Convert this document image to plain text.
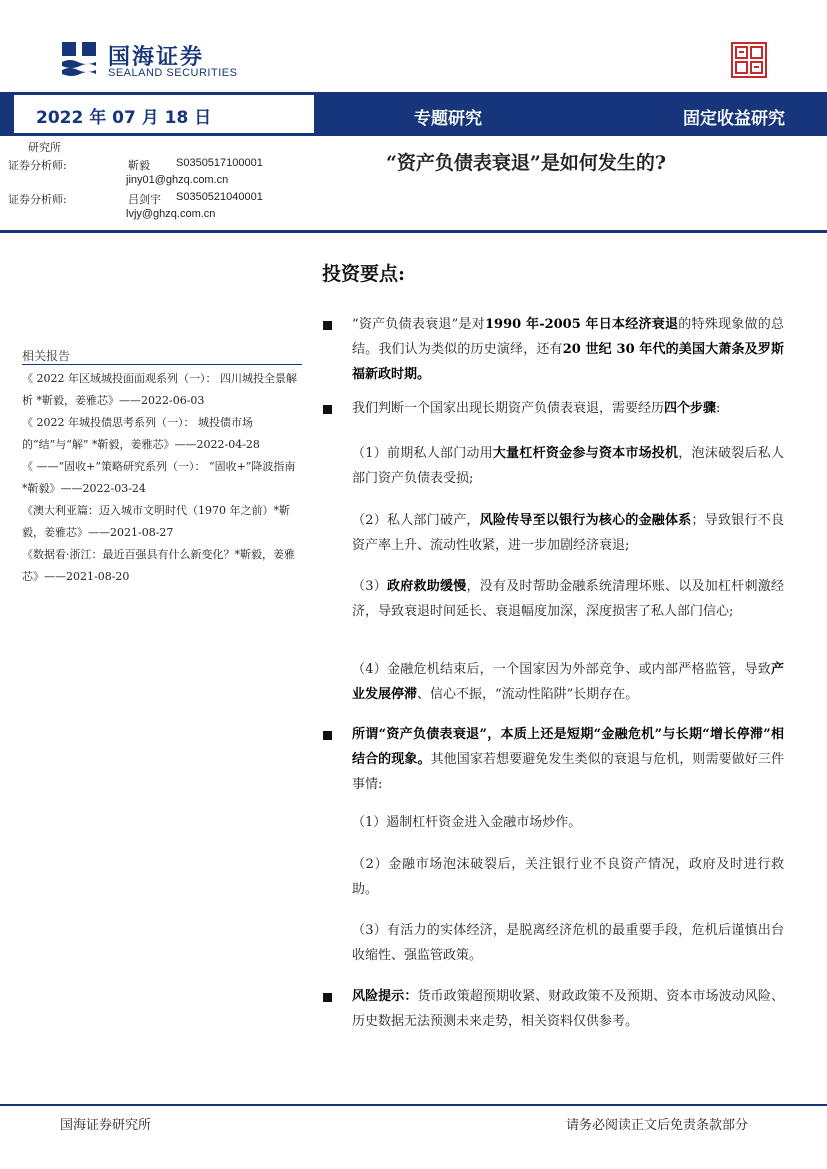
国海证券
SEALAND SECURITIES
2022 年 07 月 18 日	专题研究	固定收益研究
研究所
证券分析师:	靳毅 S0350517100001
jiny01@ghzq.com.cn
证券分析师:	吕剑宇 S0350521040001
lvjy@ghzq.com.cn
“资产负债表衰退”是如何发生的?
相关报告
《 2022 年区域城投面面观系列（一）： 四川城投全景解析 *靳毅，姜雅芯》——2022-06-03
《 2022 年城投债思考系列（一）： 城投债市场的“结”与“解” *靳毅，姜雅芯》——2022-04-28
《 ——“固收+”策略研究系列（一）： “固收+”降波指南 *靳毅》——2022-03-24
《澳大利亚篇：迈入城市文明时代（1970 年之前）*靳毅，姜雅芯》——2021-08-27
《数据看·浙江：最近百强县有什么新变化？*靳毅，姜雅芯》——2021-08-20
投资要点:
“资产负债表衰退”是对1990 年-2005 年日本经济衰退的特殊现象做的总结。我们认为类似的历史演绎，还有20 世纪 30 年代的美国大萧条及罗斯福新政时期。
我们判断一个国家出现长期资产负债表衰退，需要经历四个步骤:
（1）前期私人部门动用大量杠杆资金参与资本市场投机，泡沫破裂后私人部门资产负债表受损;
（2）私人部门破产，风险传导至以银行为核心的金融体系；导致银行不良资产率上升、流动性收紧，进一步加剧经济衰退;
（3）政府救助缓慢，没有及时帮助金融系统清理坏账、以及加杠杆刺激经济，导致衰退时间延长、衰退幅度加深，深度损害了私人部门信心;
（4）金融危机结束后，一个国家因为外部竞争、或内部严格监管，导致产业发展停滞、信心不振，“流动性陷阱”长期存在。
所谓“资产负债表衰退”，本质上还是短期“金融危机”与长期“增长停滞”相结合的现象。其他国家若想要避免发生类似的衰退与危机，则需要做好三件事情:
（1）遏制杠杆资金进入金融市场炒作。
（2）金融市场泡沫破裂后，关注银行业不良资产情况，政府及时进行救助。
（3）有活力的实体经济，是脱离经济危机的最重要手段，危机后谨慎出台收缩性、强监管政策。
风险提示：货币政策超预期收紧、财政政策不及预期、资本市场波动风险、历史数据无法预测未来走势，相关资料仅供参考。
国海证券研究所	请务必阅读正文后免责条款部分
